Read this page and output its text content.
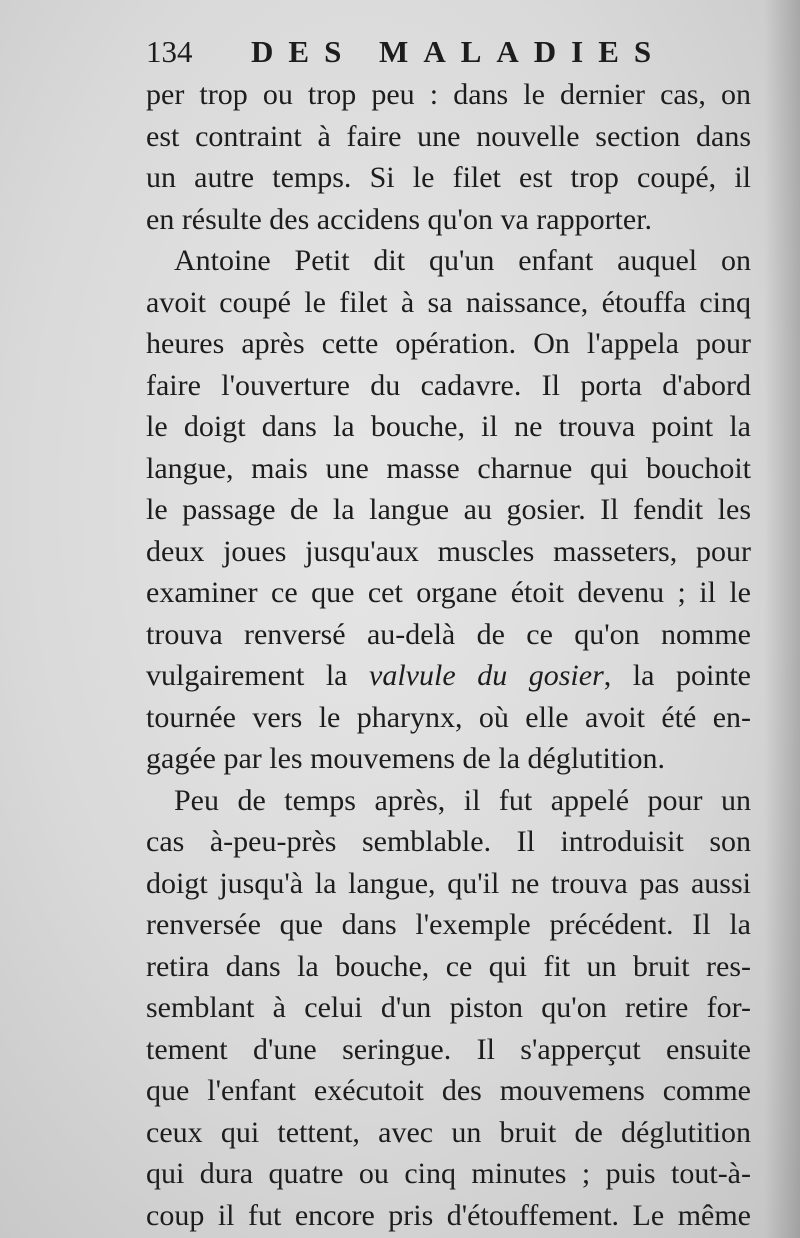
134 DES MALADIES
per trop ou trop peu : dans le dernier cas, on
est contraint à faire une nouvelle section dans
un autre temps. Si le filet est trop coupé, il
en résulte des accidens qu'on va rapporter.
Antoine Petit dit qu'un enfant auquel on
avoit coupé le filet à sa naissance, étouffa cinq
heures après cette opération. On l'appela pour
faire l'ouverture du cadavre. Il porta d'abord
le doigt dans la bouche, il ne trouva point la
langue, mais une masse charnue qui bouchoit
le passage de la langue au gosier. Il fendit les
deux joues jusqu'aux muscles masseters, pour
examiner ce que cet organe étoit devenu ; il le
trouva renversé au-delà de ce qu'on nomme
vulgairement la valvule du gosier, la pointe
tournée vers le pharynx, où elle avoit été en-
gagée par les mouvemens de la déglutition.
Peu de temps après, il fut appelé pour un
cas à-peu-près semblable. Il introduisit son
doigt jusqu'à la langue, qu'il ne trouva pas aussi
renversée que dans l'exemple précédent. Il la
retira dans la bouche, ce qui fit un bruit res-
semblant à celui d'un piston qu'on retire for-
tement d'une seringue. Il s'apperçut ensuite
que l'enfant exécutoit des mouvemens comme
ceux qui tettent, avec un bruit de déglutition
qui dura quatre ou cinq minutes ; puis tout-à-
coup il fut encore pris d'étouffement. Le même
